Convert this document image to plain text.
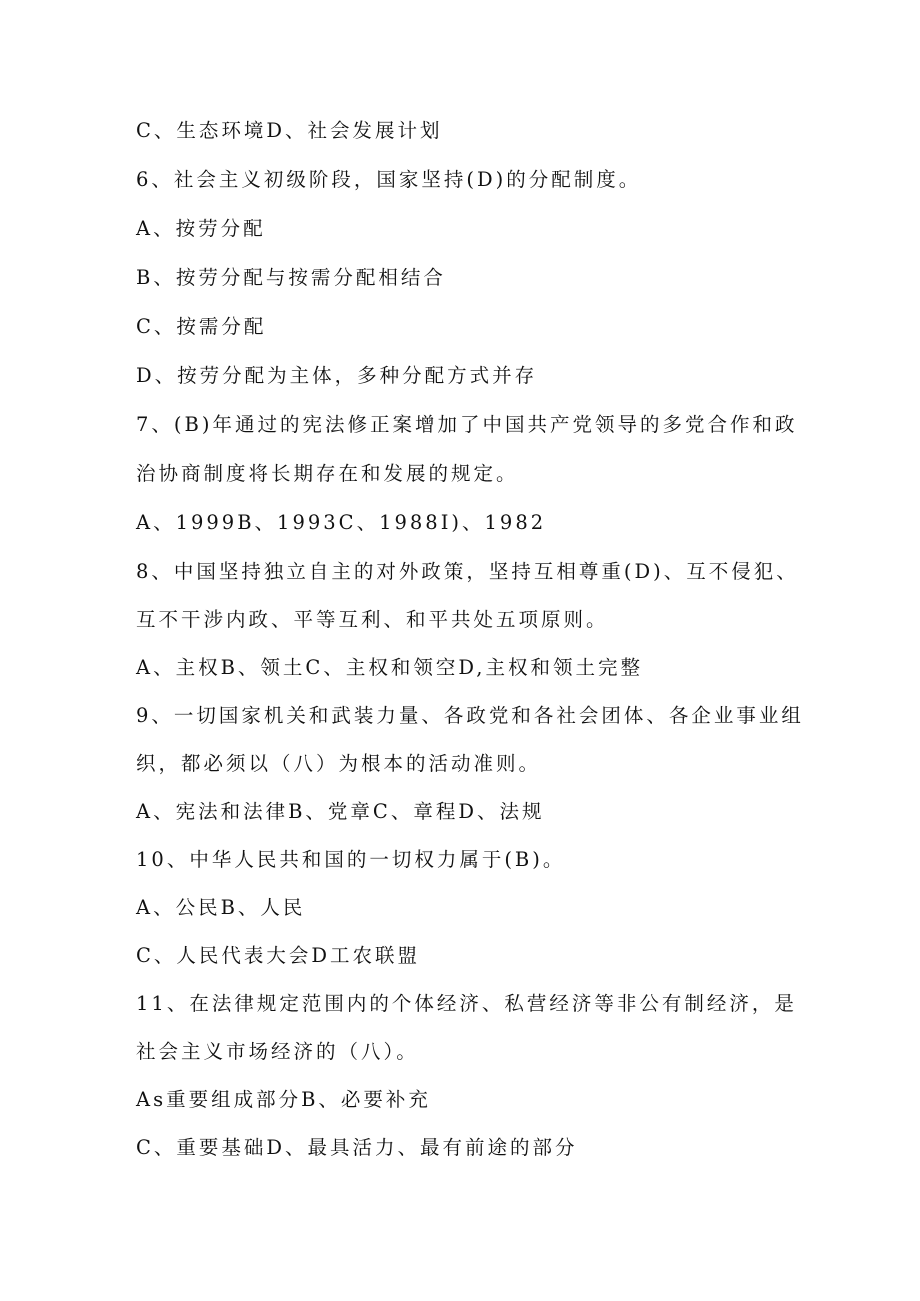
C、生态环境D、社会发展计划
6、社会主义初级阶段，国家坚持(D)的分配制度。
A、按劳分配
B、按劳分配与按需分配相结合
C、按需分配
D、按劳分配为主体，多种分配方式并存
7、(B)年通过的宪法修正案增加了中国共产党领导的多党合作和政
治协商制度将长期存在和发展的规定。
A、1999B、1993C、1988I)、1982
8、中国坚持独立自主的对外政策，坚持互相尊重(D)、互不侵犯、
互不干涉内政、平等互利、和平共处五项原则。
A、主权B、领土C、主权和领空D,主权和领土完整
9、一切国家机关和武装力量、各政党和各社会团体、各企业事业组
织，都必须以（八）为根本的活动准则。
A、宪法和法律B、党章C、章程D、法规
10、中华人民共和国的一切权力属于(B)。
A、公民B、人民
C、人民代表大会D工农联盟
11、在法律规定范围内的个体经济、私营经济等非公有制经济，是
社会主义市场经济的（八）。
As重要组成部分B、必要补充
C、重要基础D、最具活力、最有前途的部分
